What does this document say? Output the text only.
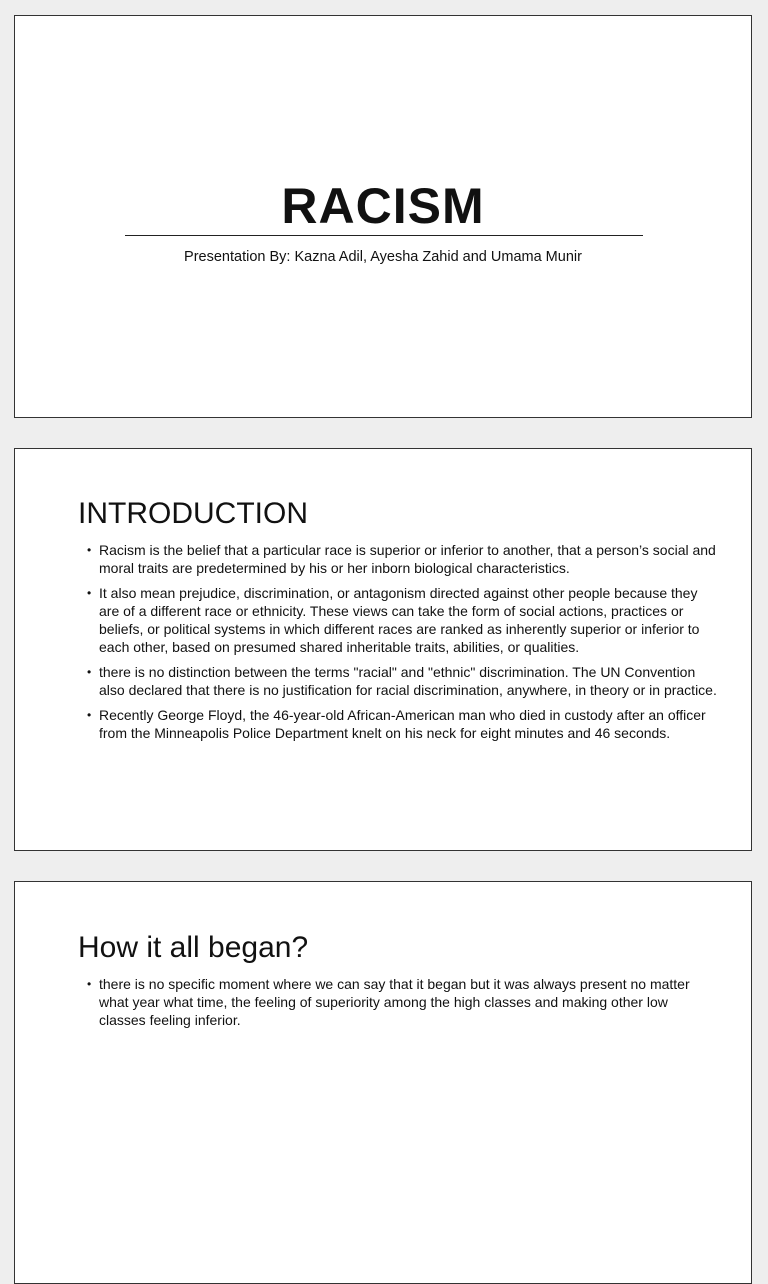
RACISM

Presentation By: Kazna Adil, Ayesha Zahid and Umama Munir

INTRODUCTION
• Racism is the belief that a particular race is superior or inferior to another, that a person’s social and moral traits are predetermined by his or her inborn biological characteristics.
• It also mean prejudice, discrimination, or antagonism directed against other people because they are of a different race or ethnicity. These views can take the form of social actions, practices or beliefs, or political systems in which different races are ranked as inherently superior or inferior to each other, based on presumed shared inheritable traits, abilities, or qualities.
• there is no distinction between the terms "racial" and "ethnic" discrimination. The UN Convention also declared that there is no justification for racial discrimination, anywhere, in theory or in practice.
• Recently George Floyd, the 46-year-old African-American man who died in custody after an officer from the Minneapolis Police Department knelt on his neck for eight minutes and 46 seconds.
How it all began?
• there is no specific moment where we can say that it began but it was always present no matter what year what time, the feeling of superiority among the high classes and making other low classes feeling inferior.
